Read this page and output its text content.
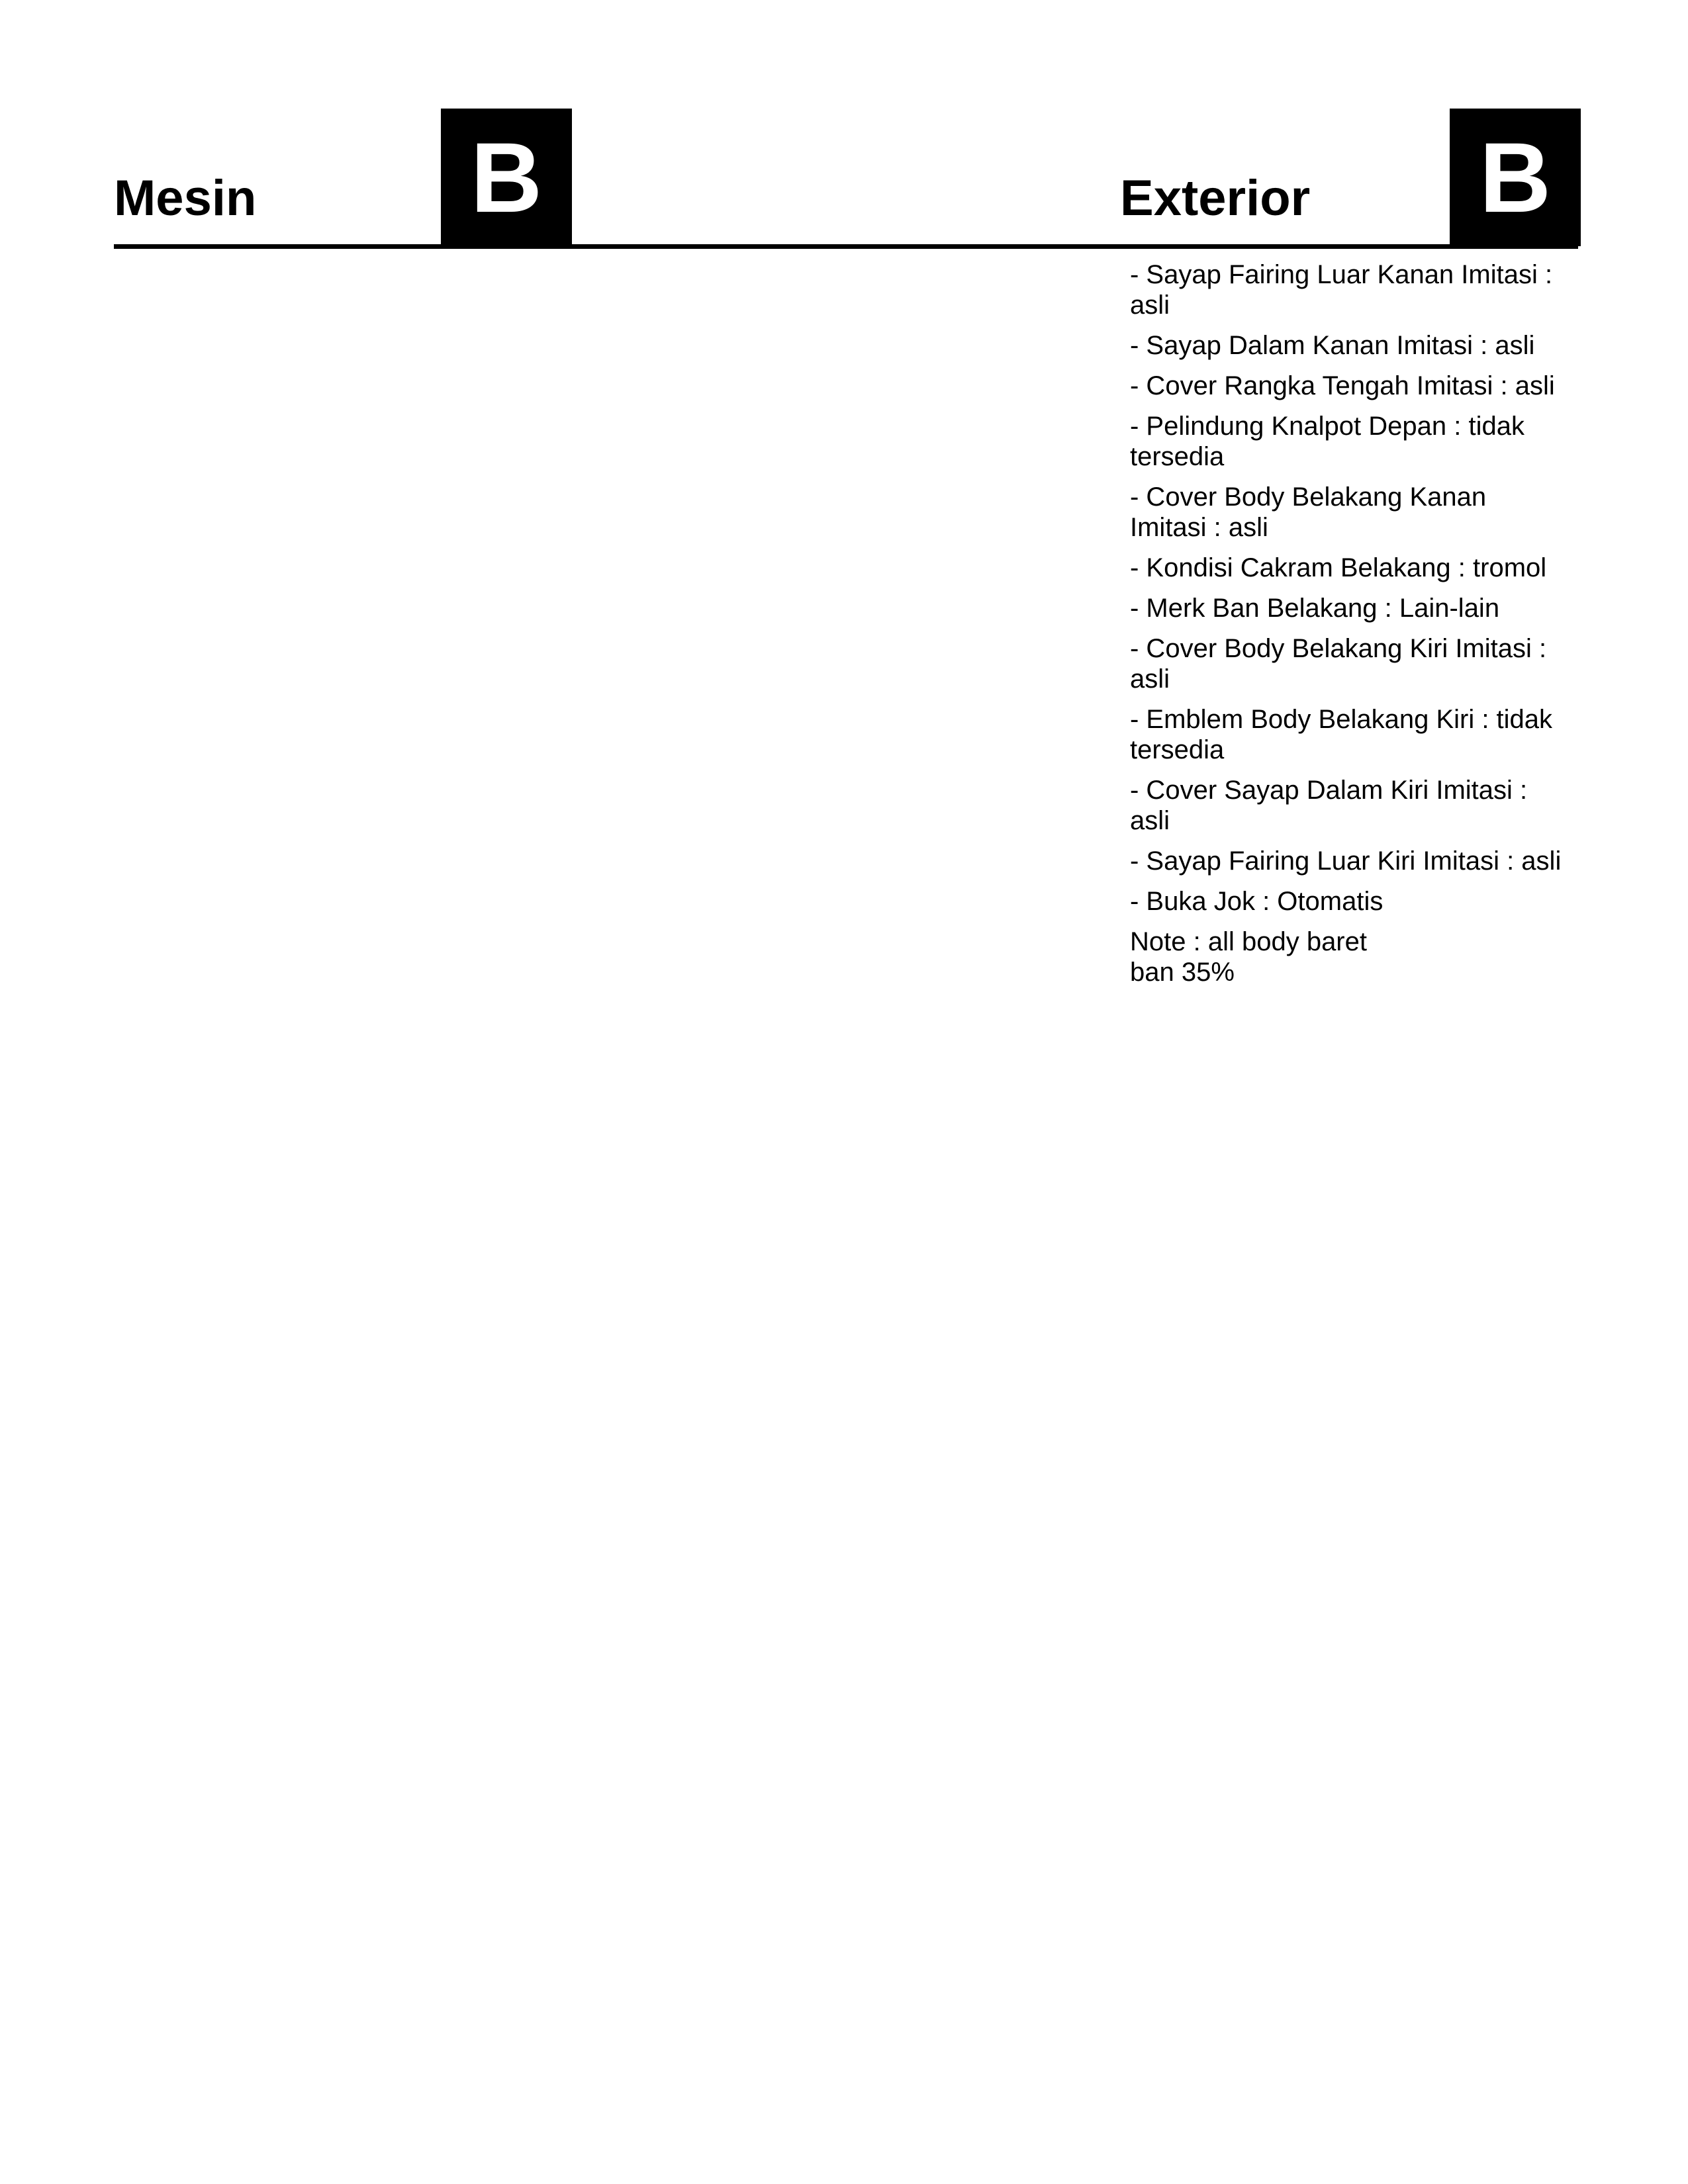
Mesin B	Exterior B
- Sayap Fairing Luar Kanan Imitasi : asli
- Sayap Dalam Kanan Imitasi : asli
- Cover Rangka Tengah Imitasi : asli
- Pelindung Knalpot Depan : tidak tersedia
- Cover Body Belakang Kanan Imitasi : asli
- Kondisi Cakram Belakang : tromol
- Merk Ban Belakang : Lain-lain
- Cover Body Belakang Kiri Imitasi : asli
- Emblem Body Belakang Kiri : tidak tersedia
- Cover Sayap Dalam Kiri Imitasi : asli
- Sayap Fairing Luar Kiri Imitasi : asli
- Buka Jok : Otomatis
Note : all body baret
ban 35%
